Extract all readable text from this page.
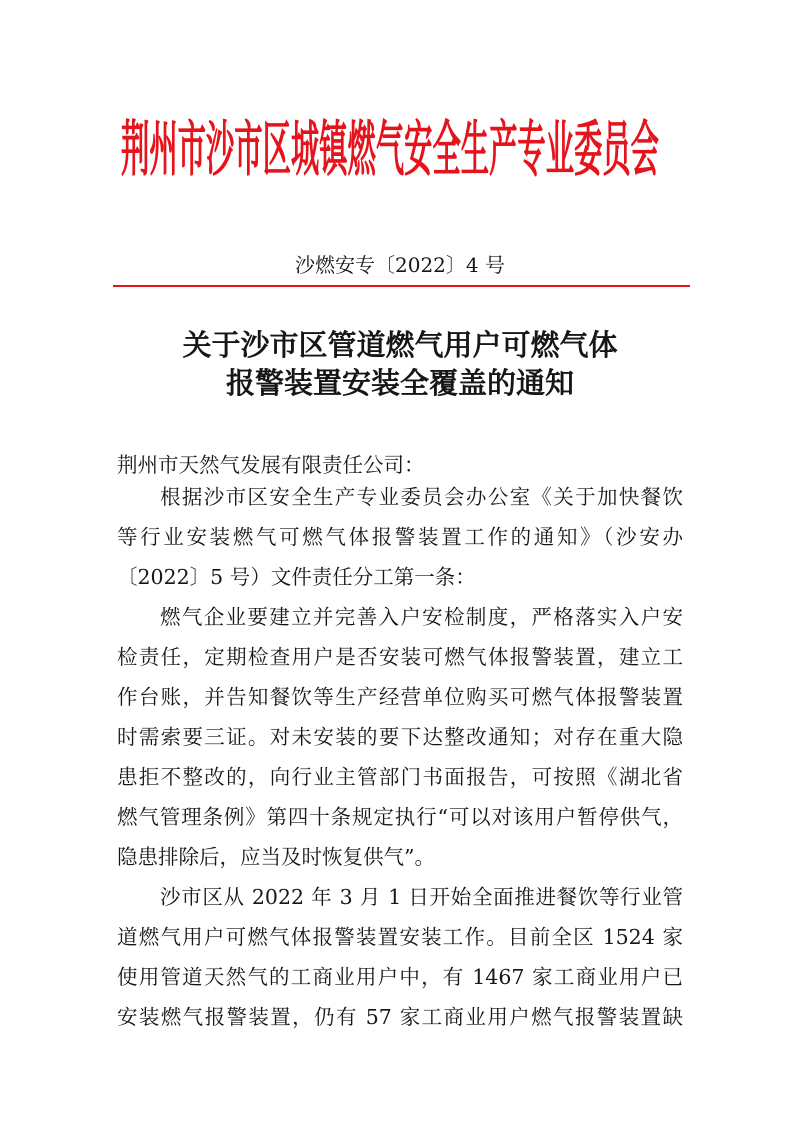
荆州市沙市区城镇燃气安全生产专业委员会
沙燃安专〔2022〕4 号
关于沙市区管道燃气用户可燃气体
报警装置安装全覆盖的通知
荆州市天然气发展有限责任公司：
根据沙市区安全生产专业委员会办公室《关于加快餐饮
等行业安装燃气可燃气体报警装置工作的通知》（沙安办
〔2022〕5 号）文件责任分工第一条：
燃气企业要建立并完善入户安检制度，严格落实入户安
检责任，定期检查用户是否安装可燃气体报警装置，建立工
作台账，并告知餐饮等生产经营单位购买可燃气体报警装置
时需索要三证。对未安装的要下达整改通知；对存在重大隐
患拒不整改的，向行业主管部门书面报告，可按照《湖北省
燃气管理条例》第四十条规定执行“可以对该用户暂停供气，
隐患排除后，应当及时恢复供气”。
沙市区从 2022 年 3 月 1 日开始全面推进餐饮等行业管
道燃气用户可燃气体报警装置安装工作。目前全区 1524 家
使用管道天然气的工商业用户中，有 1467 家工商业用户已
安装燃气报警装置，仍有 57 家工商业用户燃气报警装置缺
